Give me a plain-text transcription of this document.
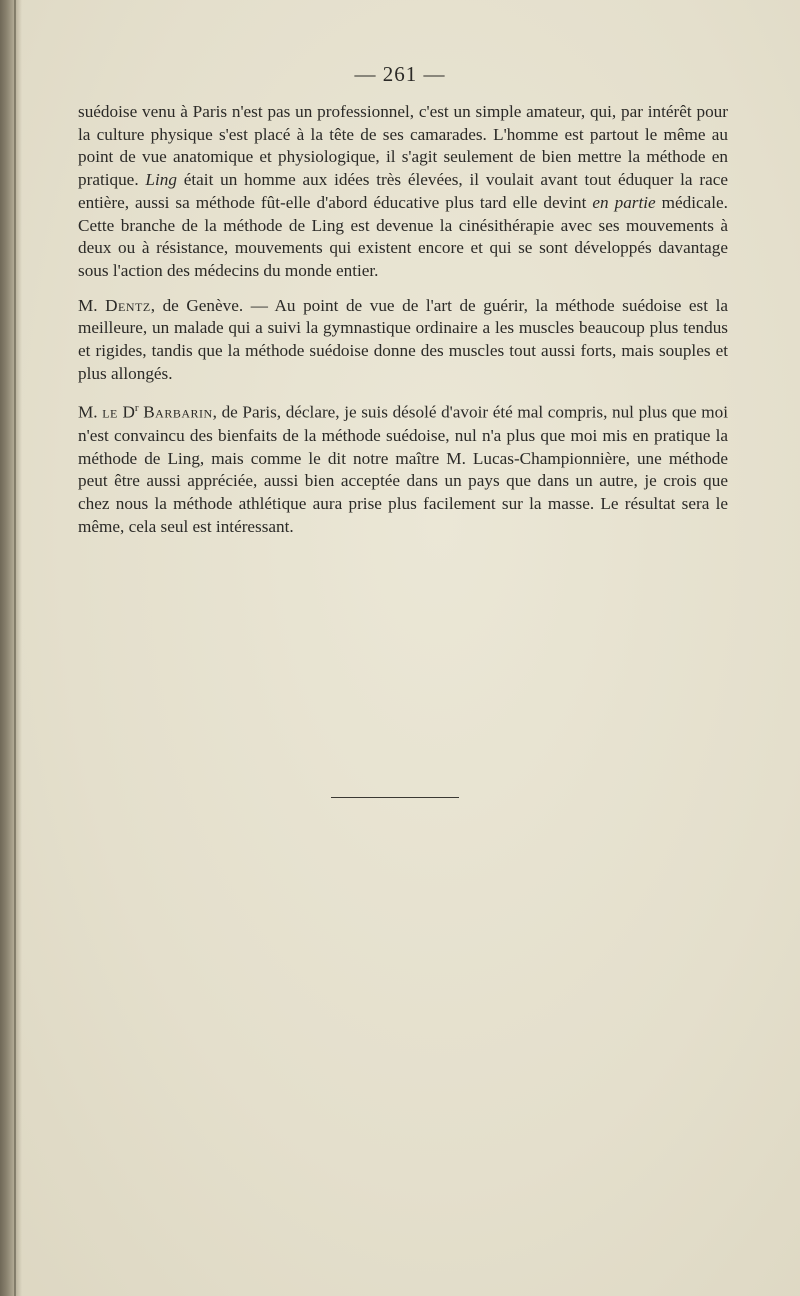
— 261 —

suédoise venu à Paris n'est pas un professionnel, c'est un simple amateur, qui, par intérêt pour la culture physique s'est placé à la tête de ses camarades. L'homme est partout le même au point de vue anatomique et physiologique, il s'agit seulement de bien mettre la méthode en pratique. Ling était un homme aux idées très élevées, il voulait avant tout éduquer la race entière, aussi sa méthode fût-elle d'abord éducative plus tard elle devint en partie médicale. Cette branche de la méthode de Ling est devenue la cinésithérapie avec ses mouvements à deux ou à résistance, mouvements qui existent encore et qui se sont développés davantage sous l'action des médecins du monde entier.

M. Dentz, de Genève. — Au point de vue de l'art de guérir, la méthode suédoise est la meilleure, un malade qui a suivi la gymnastique ordinaire a les muscles beaucoup plus tendus et rigides, tandis que la méthode suédoise donne des muscles tout aussi forts, mais souples et plus allongés.

M. le $D^r$ Barbarin, de Paris, déclare, je suis désolé d'avoir été mal compris, nul plus que moi n'est convaincu des bienfaits de la méthode suédoise, nul n'a plus que moi mis en pratique la méthode de Ling, mais comme le dit notre maître M. Lucas-Championnière, une méthode peut être aussi appréciée, aussi bien acceptée dans un pays que dans un autre, je crois que chez nous la méthode athlétique aura prise plus facilement sur la masse. Le résultat sera le même, cela seul est intéressant.
